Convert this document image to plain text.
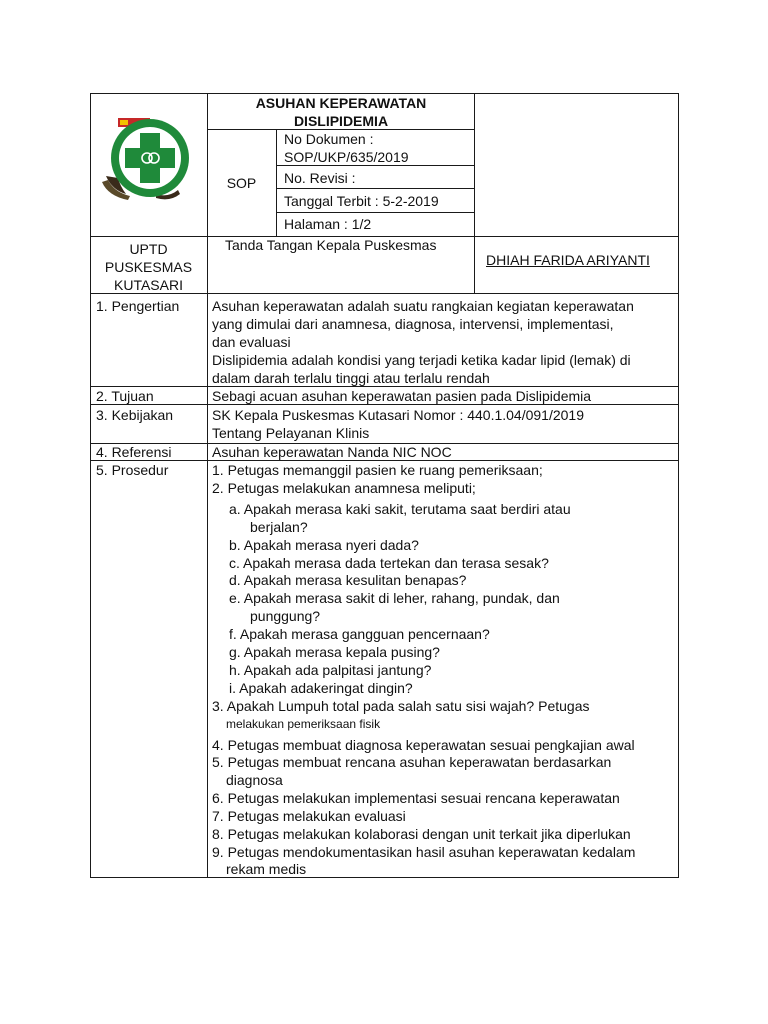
ASUHAN KEPERAWATAN
DISLIPIDEMIA
SOP
No Dokumen :
SOP/UKP/635/2019
No. Revisi :
Tanggal Terbit : 5-2-2019
Halaman : 1/2
UPTD
PUSKESMAS
KUTASARI
Tanda Tangan Kepala Puskesmas
DHIAH FARIDA ARIYANTI
1. Pengertian
2. Tujuan
3. Kebijakan
4. Referensi
5. Prosedur
Asuhan keperawatan adalah suatu rangkaian kegiatan keperawatan
yang dimulai dari anamnesa, diagnosa, intervensi, implementasi,
dan evaluasi
Dislipidemia adalah kondisi yang terjadi ketika kadar lipid (lemak) di
dalam darah terlalu tinggi atau terlalu rendah
Sebagi acuan asuhan keperawatan pasien pada Dislipidemia
SK Kepala Puskesmas Kutasari Nomor : 440.1.04/091/2019
Tentang Pelayanan Klinis
Asuhan keperawatan Nanda NIC NOC
1. Petugas memanggil pasien ke ruang pemeriksaan;
2. Petugas melakukan anamnesa meliputi;
a. Apakah merasa kaki sakit, terutama saat berdiri atau
berjalan?
b. Apakah merasa nyeri dada?
c. Apakah merasa dada tertekan dan terasa sesak?
d. Apakah merasa kesulitan benapas?
e. Apakah merasa sakit di leher, rahang, pundak, dan
punggung?
f. Apakah merasa gangguan pencernaan?
g. Apakah merasa kepala pusing?
h. Apakah ada palpitasi jantung?
i. Apakah adakeringat dingin?
3. Apakah Lumpuh total pada salah satu sisi wajah? Petugas
melakukan pemeriksaan fisik
4. Petugas membuat diagnosa keperawatan sesuai pengkajian awal
5. Petugas membuat rencana asuhan keperawatan berdasarkan
diagnosa
6. Petugas melakukan implementasi sesuai rencana keperawatan
7. Petugas melakukan evaluasi
8. Petugas melakukan kolaborasi dengan unit terkait jika diperlukan
9. Petugas mendokumentasikan hasil asuhan keperawatan kedalam
rekam medis
